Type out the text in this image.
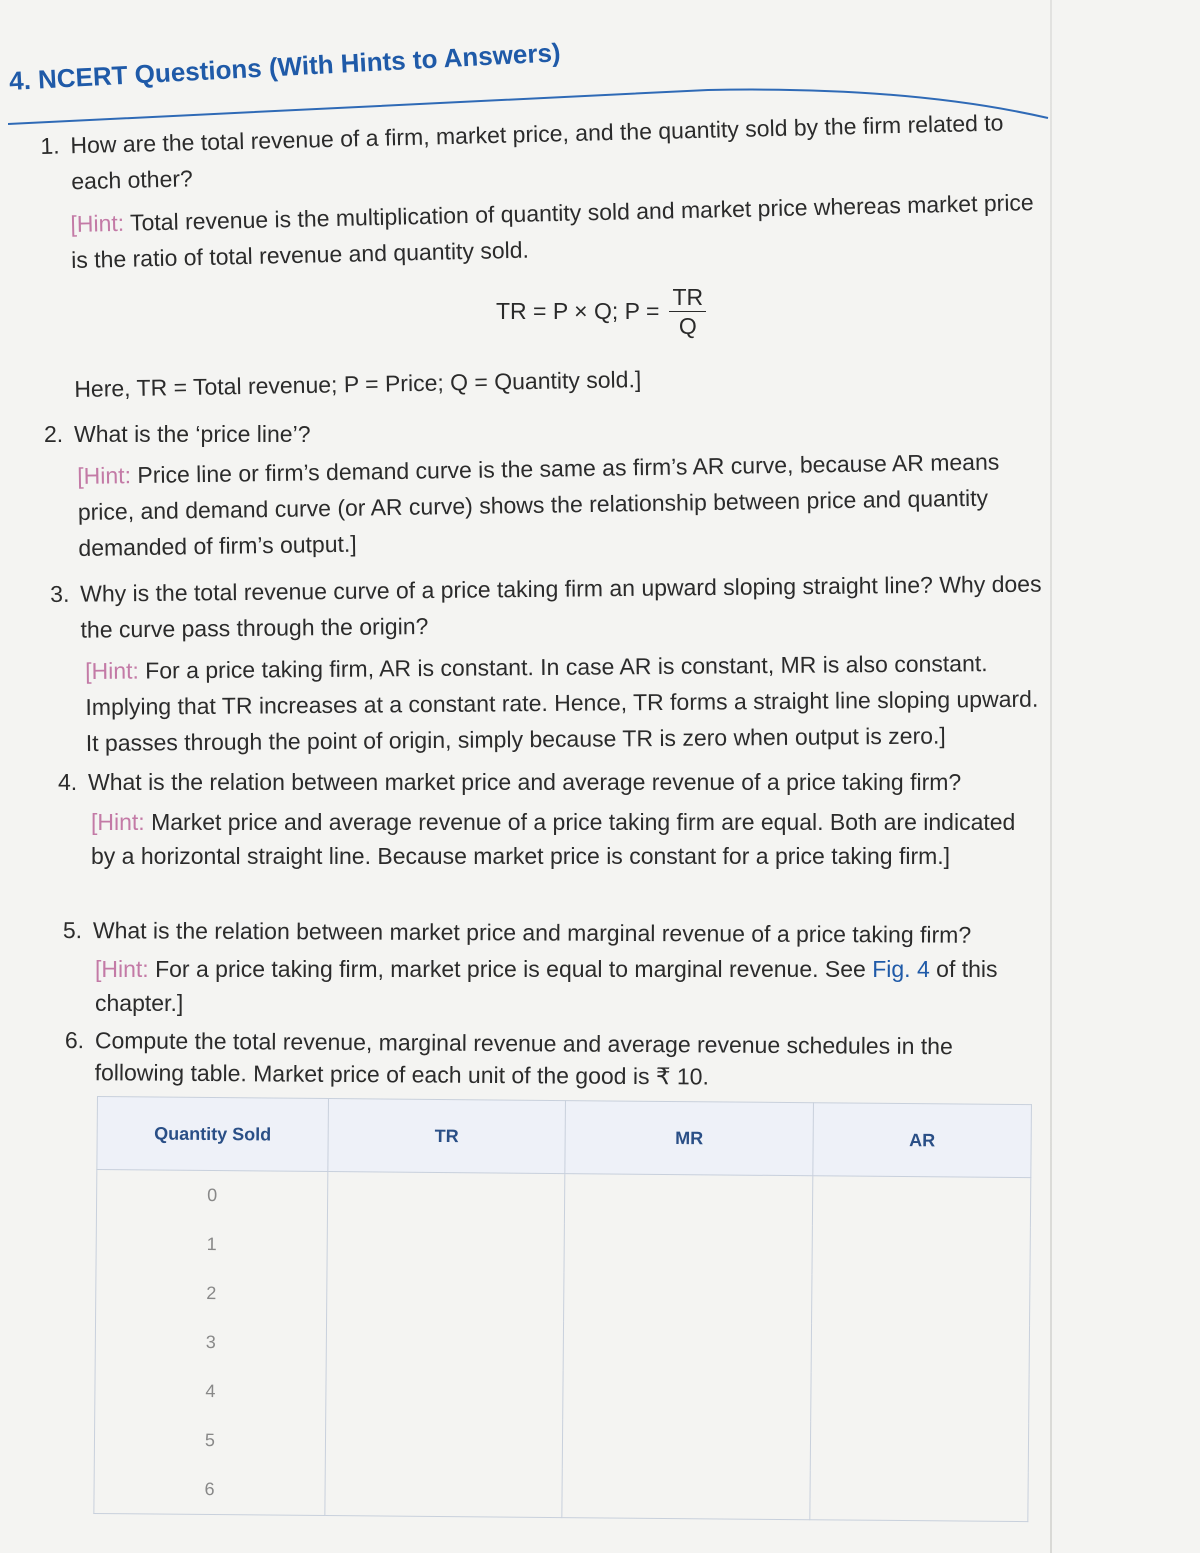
4. NCERT Questions (With Hints to Answers)
1. How are the total revenue of a firm, market price, and the quantity sold by the firm related to each other?
[Hint: Total revenue is the multiplication of quantity sold and market price whereas market price is the ratio of total revenue and quantity sold.
TR = P × Q; $P = \frac{TR}{Q}$
Here, TR = Total revenue; P = Price; Q = Quantity sold.]
2. What is the ‘price line’?
[Hint: Price line or firm’s demand curve is the same as firm’s AR curve, because AR means price, and demand curve (or AR curve) shows the relationship between price and quantity demanded of firm’s output.]
3. Why is the total revenue curve of a price taking firm an upward sloping straight line? Why does the curve pass through the origin?
[Hint: For a price taking firm, AR is constant. In case AR is constant, MR is also constant. Implying that TR increases at a constant rate. Hence, TR forms a straight line sloping upward. It passes through the point of origin, simply because TR is zero when output is zero.]
4. What is the relation between market price and average revenue of a price taking firm?
[Hint: Market price and average revenue of a price taking firm are equal. Both are indicated by a horizontal straight line. Because market price is constant for a price taking firm.]
5. What is the relation between market price and marginal revenue of a price taking firm?
[Hint: For a price taking firm, market price is equal to marginal revenue. See Fig. 4 of this chapter.]
6. Compute the total revenue, marginal revenue and average revenue schedules in the following table. Market price of each unit of the good is ₹ 10.
Quantity Sold	TR	MR	AR
0			
1			
2			
3			
4			
5			
6			
